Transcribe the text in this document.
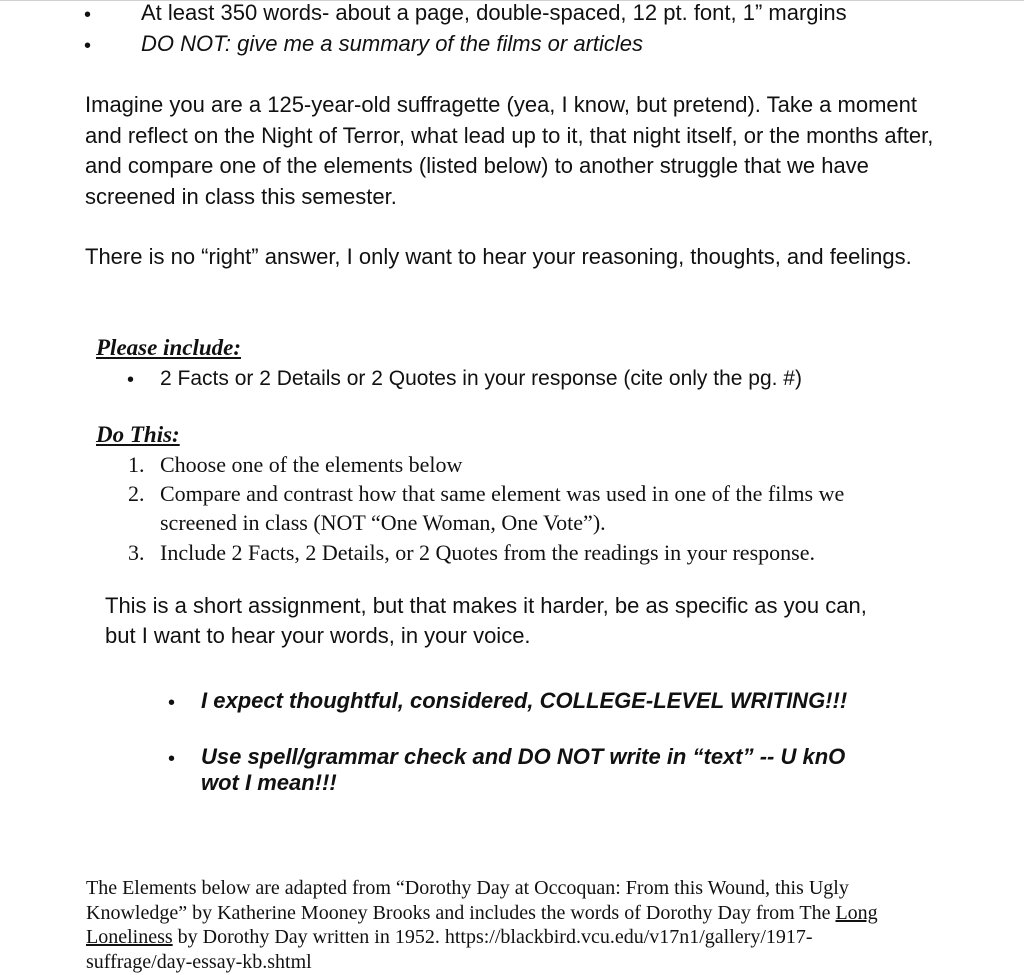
• At least 350 words- about a page, double-spaced, 12 pt. font, 1” margins
• DO NOT: give me a summary of the films or articles

Imagine you are a 125-year-old suffragette (yea, I know, but pretend). Take a moment and reflect on the Night of Terror, what lead up to it, that night itself, or the months after, and compare one of the elements (listed below) to another struggle that we have screened in class this semester.

There is no “right” answer, I only want to hear your reasoning, thoughts, and feelings.

Please include:
• 2 Facts or 2 Details or 2 Quotes in your response (cite only the pg. #)
Do This:
1. Choose one of the elements below
2. Compare and contrast how that same element was used in one of the films we screened in class (NOT “One Woman, One Vote”).
3. Include 2 Facts, 2 Details, or 2 Quotes from the readings in your response.
This is a short assignment, but that makes it harder, be as specific as you can, but I want to hear your words, in your voice.
• I expect thoughtful, considered, COLLEGE-LEVEL WRITING!!!
• Use spell/grammar check and DO NOT write in “text” -- U knO wot I mean!!!
The Elements below are adapted from “Dorothy Day at Occoquan: From this Wound, this Ugly Knowledge” by Katherine Mooney Brooks and includes the words of Dorothy Day from The Long Loneliness by Dorothy Day written in 1952. https://blackbird.vcu.edu/v17n1/gallery/1917-suffrage/day-essay-kb.shtml
